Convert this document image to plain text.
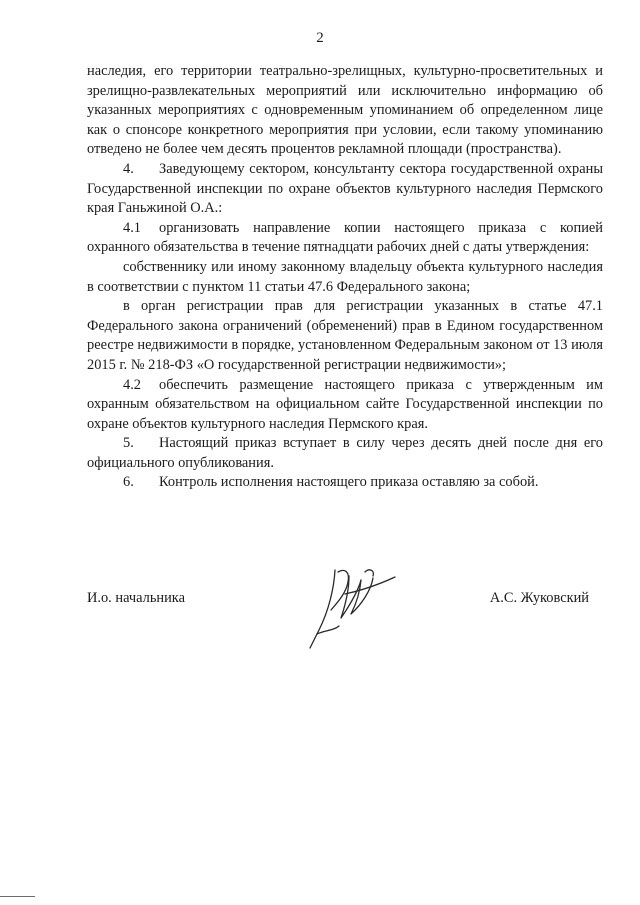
2

наследия, его территории театрально-зрелищных, культурно-просветительных и зрелищно-развлекательных мероприятий или исключительно информацию об указанных мероприятиях с одновременным упоминанием об определенном лице как о спонсоре конкретного мероприятия при условии, если такому упоминанию отведено не более чем десять процентов рекламной площади (пространства).

4. Заведующему сектором, консультанту сектора государственной охраны Государственной инспекции по охране объектов культурного наследия Пермского края Ганьжиной О.А.:

4.1 организовать направление копии настоящего приказа с копией охранного обязательства в течение пятнадцати рабочих дней с даты утверждения:

собственнику или иному законному владельцу объекта культурного наследия в соответствии с пунктом 11 статьи 47.6 Федерального закона;

в орган регистрации прав для регистрации указанных в статье 47.1 Федерального закона ограничений (обременений) прав в Едином государственном реестре недвижимости в порядке, установленном Федеральным законом от 13 июля 2015 г. № 218-ФЗ «О государственной регистрации недвижимости»;

4.2 обеспечить размещение настоящего приказа с утвержденным им охранным обязательством на официальном сайте Государственной инспекции по охране объектов культурного наследия Пермского края.

5. Настоящий приказ вступает в силу через десять дней после дня его официального опубликования.

6. Контроль исполнения настоящего приказа оставляю за собой.

И.о. начальника	А.С. Жуковский
